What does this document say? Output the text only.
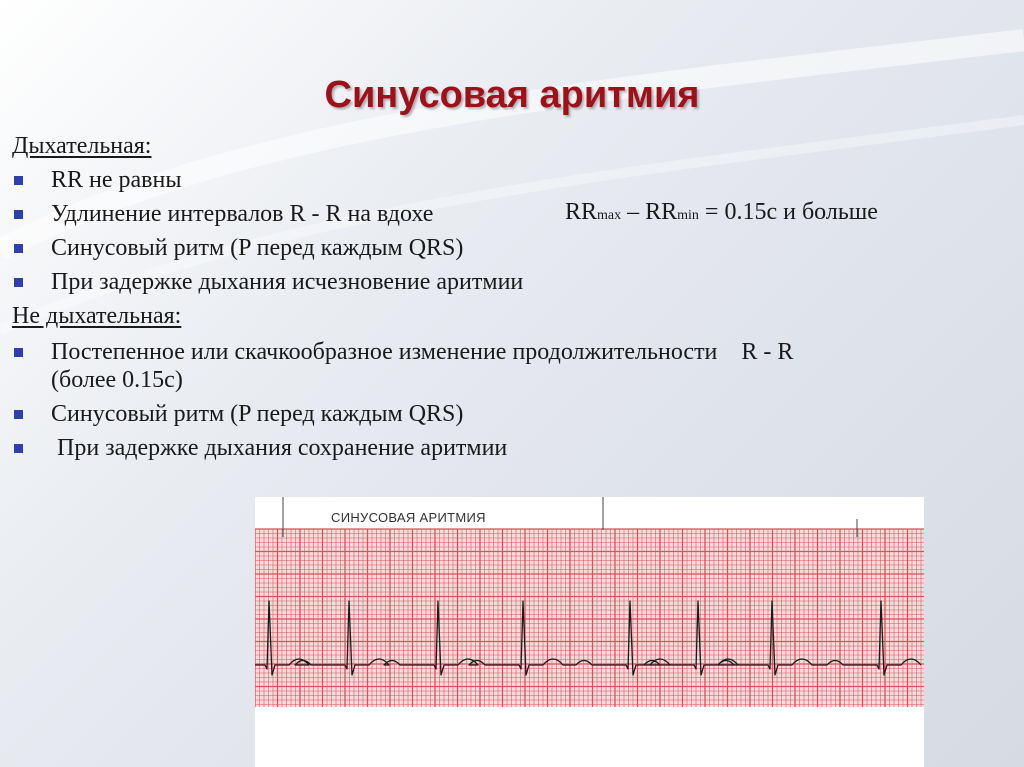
Синусовая аритмия
Дыхательная:
RR не равны
Удлинение интервалов R - R на вдохе	RRmax – RRmin = 0.15с и больше
Синусовый ритм (P перед каждым QRS)
При задержке дыхания исчезновение аритмии
Не дыхательная:
Постепенное или скачкообразное изменение продолжительности    R - R
(более 0.15с)
Синусовый ритм (P перед каждым QRS)
При задержке дыхания сохранение аритмии
СИНУСОВАЯ АРИТМИЯ
